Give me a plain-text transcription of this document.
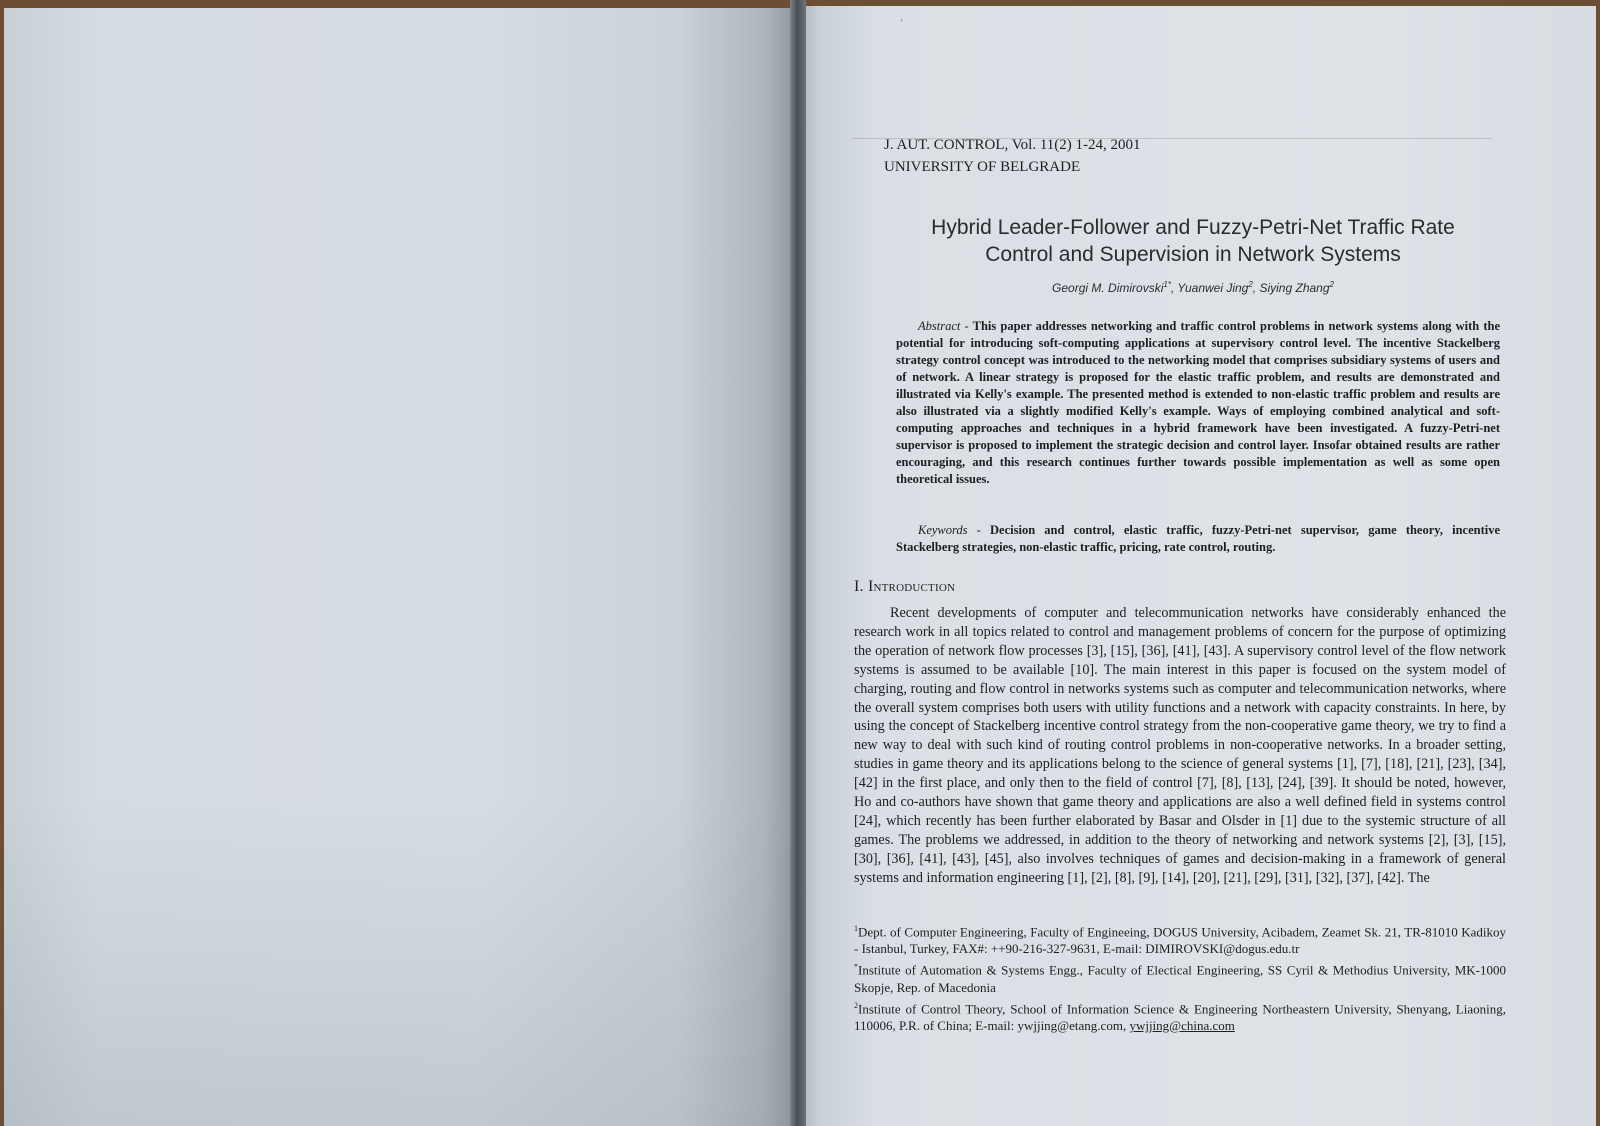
ʻ
J. AUT. CONTROL, Vol. 11(2) 1-24, 2001
UNIVERSITY OF BELGRADE
Hybrid Leader-Follower and Fuzzy-Petri-Net Traffic Rate
Control and Supervision in Network Systems
Georgi M. Dimirovski$^{1*}$, Yuanwei Jing$^2$, Siying Zhang$^2$
Abstract - This paper addresses networking and traffic control problems in network systems along with the potential for introducing soft-computing applications at supervisory control level. The incentive Stackelberg strategy control concept was introduced to the networking model that comprises subsidiary systems of users and of network. A linear strategy is proposed for the elastic traffic problem, and results are demonstrated and illustrated via Kelly's example. The presented method is extended to non-elastic traffic problem and results are also illustrated via a slightly modified Kelly's example. Ways of employing combined analytical and soft-computing approaches and techniques in a hybrid framework have been investigated. A fuzzy-Petri-net supervisor is proposed to implement the strategic decision and control layer. Insofar obtained results are rather encouraging, and this research continues further towards possible implementation as well as some open theoretical issues.
Keywords - Decision and control, elastic traffic, fuzzy-Petri-net supervisor, game theory, incentive Stackelberg strategies, non-elastic traffic, pricing, rate control, routing.
I. Introduction
Recent developments of computer and telecommunication networks have considerably enhanced the research work in all topics related to control and management problems of concern for the purpose of optimizing the operation of network flow processes [3], [15], [36], [41], [43]. A supervisory control level of the flow network systems is assumed to be available [10]. The main interest in this paper is focused on the system model of charging, routing and flow control in networks systems such as computer and telecommunication networks, where the overall system comprises both users with utility functions and a network with capacity constraints. In here, by using the concept of Stackelberg incentive control strategy from the non-cooperative game theory, we try to find a new way to deal with such kind of routing control problems in non-cooperative networks. In a broader setting, studies in game theory and its applications belong to the science of general systems [1], [7], [18], [21], [23], [34], [42] in the first place, and only then to the field of control [7], [8], [13], [24], [39]. It should be noted, however, Ho and co-authors have shown that game theory and applications are also a well defined field in systems control [24], which recently has been further elaborated by Basar and Olsder in [1] due to the systemic structure of all games. The problems we addressed, in addition to the theory of networking and network systems [2], [3], [15], [30], [36], [41], [43], [45], also involves techniques of games and decision-making in a framework of general systems and information engineering [1], [2], [8], [9], [14], [20], [21], [29], [31], [32], [37], [42]. The

$^1$Dept. of Computer Engineering, Faculty of Engineeing, DOGUS University, Acibadem, Zeamet Sk. 21, TR-81010 Kadikoy - Istanbul, Turkey, FAX#: ++90-216-327-9631, E-mail: DIMIROVSKI@dogus.edu.tr

*Institute of Automation & Systems Engg., Faculty of Electical Engineering, SS Cyril & Methodius University, MK-1000 Skopje, Rep. of Macedonia

$^2$Institute of Control Theory, School of Information Science & Engineering Northeastern University, Shenyang, Liaoning, 110006, P.R. of China; E-mail: ywjjing@etang.com, ywjjing@china.com
